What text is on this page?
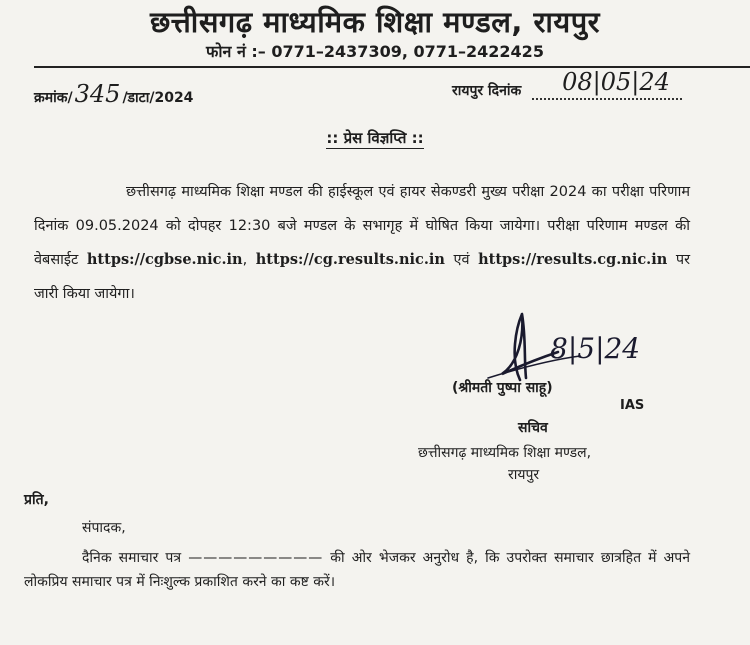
छत्तीसगढ़ माध्यमिक शिक्षा मण्डल, रायपुर
फोन नं :– 0771–2437309, 0771–2422425
क्रमांक/345 /डाटा/2024	रायपुर दिनांक 08|05|24
:: प्रेस विज्ञप्ति ::
छत्तीसगढ़ माध्यमिक शिक्षा मण्डल की हाईस्कूल एवं हायर सेकण्डरी मुख्य परीक्षा 2024 का परीक्षा परिणाम दिनांक 09.05.2024 को दोपहर 12:30 बजे मण्डल के सभागृह में घोषित किया जायेगा। परीक्षा परिणाम मण्डल की वेबसाईट https://cgbse.nic.in, https://cg.results.nic.in एवं https://results.cg.nic.in पर जारी किया जायेगा।
8|5|24
(श्रीमती पुष्पा साहू)
IAS
सचिव
छत्तीसगढ़ माध्यमिक शिक्षा मण्डल,
रायपुर
प्रति,
संपादक,
दैनिक समाचार पत्र ————————— की ओर भेजकर अनुरोध है, कि उपरोक्त समाचार छात्रहित में अपने लोकप्रिय समाचार पत्र में निःशुल्क प्रकाशित करने का कष्ट करें।
